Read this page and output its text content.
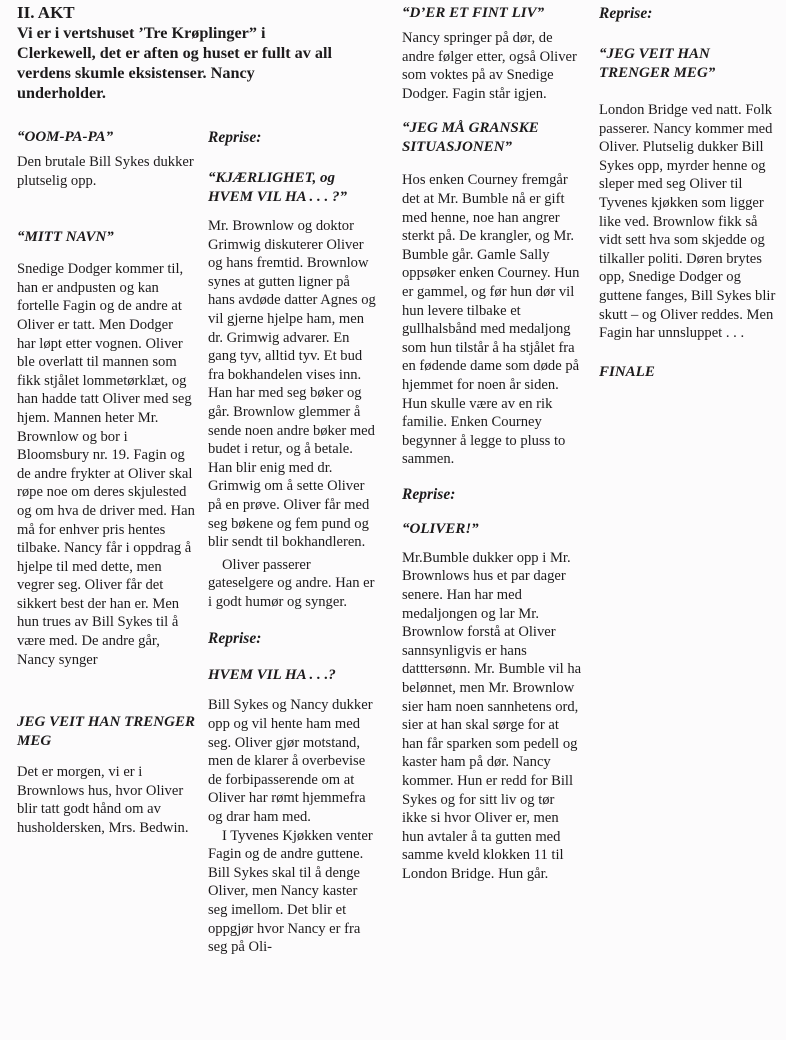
II. AKT

Vi er i vertshuset ’Tre Krøplinger” i Clerkewell, det er aften og huset er fullt av all verdens skumle eksistenser. Nancy underholder.

“OOM-PA-PA”

Den brutale Bill Sykes dukker plutselig opp.

“MITT NAVN”

Snedige Dodger kommer til, han er andpusten og kan fortelle Fagin og de andre at Oliver er tatt. Men Dodger har løpt etter vognen. Oliver ble overlatt til mannen som fikk stjålet lommetørklæt, og han hadde tatt Oliver med seg hjem. Mannen heter Mr. Brownlow og bor i Bloomsbury nr. 19. Fagin og de andre frykter at Oliver skal røpe noe om deres skjulested og om hva de driver med. Han må for enhver pris hentes tilbake. Nancy får i oppdrag å hjelpe til med dette, men vegrer seg. Oliver får det sikkert best der han er. Men hun trues av Bill Sykes til å være med. De andre går, Nancy synger

JEG VEIT HAN TRENGER MEG

Det er morgen, vi er i Brownlows hus, hvor Oliver blir tatt godt hånd om av husholdersken, Mrs. Bedwin.

Reprise:
“KJÆRLIGHET, og HVEM VIL HA . . . ?”

Mr. Brownlow og doktor Grimwig diskuterer Oliver og hans fremtid. Brownlow synes at gutten ligner på hans avdøde datter Agnes og vil gjerne hjelpe ham, men dr. Grimwig advarer. En gang tyv, alltid tyv. Et bud fra bokhandelen vises inn. Han har med seg bøker og går. Brownlow glemmer å sende noen andre bøker med budet i retur, og å betale. Han blir enig med dr. Grimwig om å sette Oliver på en prøve. Oliver får med seg bøkene og fem pund og blir sendt til bokhandleren.

Oliver passerer gateselgere og andre. Han er i godt humør og synger.

Reprise:
HVEM VIL HA . . .?

Bill Sykes og Nancy dukker opp og vil hente ham med seg. Oliver gjør motstand, men de klarer å overbevise de forbipasserende om at Oliver har rømt hjemmefra og drar ham med.

I Tyvenes Kjøkken venter Fagin og de andre guttene. Bill Sykes skal til å denge Oliver, men Nancy kaster seg imellom. Det blir et oppgjør hvor Nancy er fra seg på Oli-

“D’ER ET FINT LIV”

Nancy springer på dør, de andre følger etter, også Oliver som voktes på av Snedige Dodger. Fagin står igjen.

“JEG MÅ GRANSKE SITUASJONEN”

Hos enken Courney fremgår det at Mr. Bumble nå er gift med henne, noe han angrer sterkt på. De krangler, og Mr. Bumble går. Gamle Sally oppsøker enken Courney. Hun er gammel, og før hun dør vil hun levere tilbake et gullhalsbånd med medaljong som hun tilstår å ha stjålet fra en fødende dame som døde på hjemmet for noen år siden. Hun skulle være av en rik familie. Enken Courney begynner å legge to pluss to sammen.

Reprise:
“OLIVER!”

Mr.Bumble dukker opp i Mr. Brownlows hus et par dager senere. Han har med medaljongen og lar Mr. Brownlow forstå at Oliver sannsynligvis er hans datttersønn. Mr. Bumble vil ha belønnet, men Mr. Brownlow sier ham noen sannhetens ord, sier at han skal sørge for at han får sparken som pedell og kaster ham på dør. Nancy kommer. Hun er redd for Bill Sykes og for sitt liv og tør ikke si hvor Oliver er, men hun avtaler å ta gutten med samme kveld klokken 11 til London Bridge. Hun går.

Reprise:
“JEG VEIT HAN TRENGER MEG”

London Bridge ved natt. Folk passerer. Nancy kommer med Oliver. Plutselig dukker Bill Sykes opp, myrder henne og sleper med seg Oliver til Tyvenes kjøkken som ligger like ved. Brownlow fikk så vidt sett hva som skjedde og tilkaller politi. Døren brytes opp, Snedige Dodger og guttene fanges, Bill Sykes blir skutt – og Oliver reddes. Men Fagin har unnsluppet . . .

FINALE
